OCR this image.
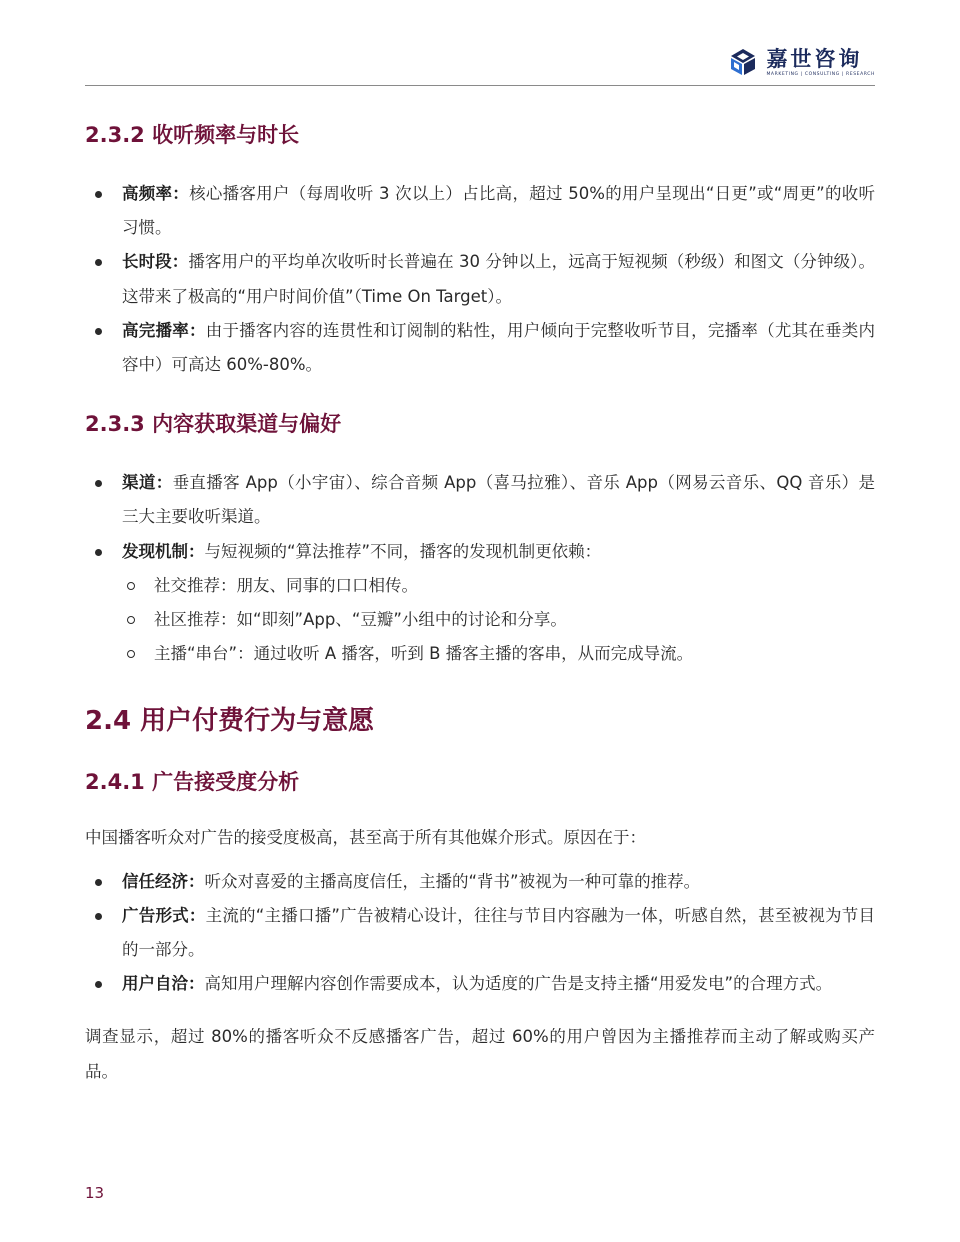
嘉世咨询
MARKETING | CONSULTING | RESEARCH
2.3.2 收听频率与时长
高频率：核心播客用户（每周收听 3 次以上）占比高，超过 50%的用户呈现出“日更”或“周更”的收听习惯。
长时段：播客用户的平均单次收听时长普遍在 30 分钟以上，远高于短视频（秒级）和图文（分钟级）。这带来了极高的“用户时间价值”（Time On Target）。
高完播率：由于播客内容的连贯性和订阅制的粘性，用户倾向于完整收听节目，完播率（尤其在垂类内容中）可高达 60%-80%。
2.3.3 内容获取渠道与偏好
渠道：垂直播客 App（小宇宙）、综合音频 App（喜马拉雅）、音乐 App（网易云音乐、QQ 音乐）是三大主要收听渠道。
发现机制：与短视频的“算法推荐”不同，播客的发现机制更依赖：
社交推荐：朋友、同事的口口相传。
社区推荐：如“即刻”App、“豆瓣”小组中的讨论和分享。
主播“串台”：通过收听 A 播客，听到 B 播客主播的客串，从而完成导流。
2.4 用户付费行为与意愿
2.4.1 广告接受度分析

中国播客听众对广告的接受度极高，甚至高于所有其他媒介形式。原因在于：

信任经济：听众对喜爱的主播高度信任，主播的“背书”被视为一种可靠的推荐。
广告形式：主流的“主播口播”广告被精心设计，往往与节目内容融为一体，听感自然，甚至被视为节目的一部分。
用户自洽：高知用户理解内容创作需要成本，认为适度的广告是支持主播“用爱发电”的合理方式。

调查显示，超过 80%的播客听众不反感播客广告，超过 60%的用户曾因为主播推荐而主动了解或购买产品。

13
